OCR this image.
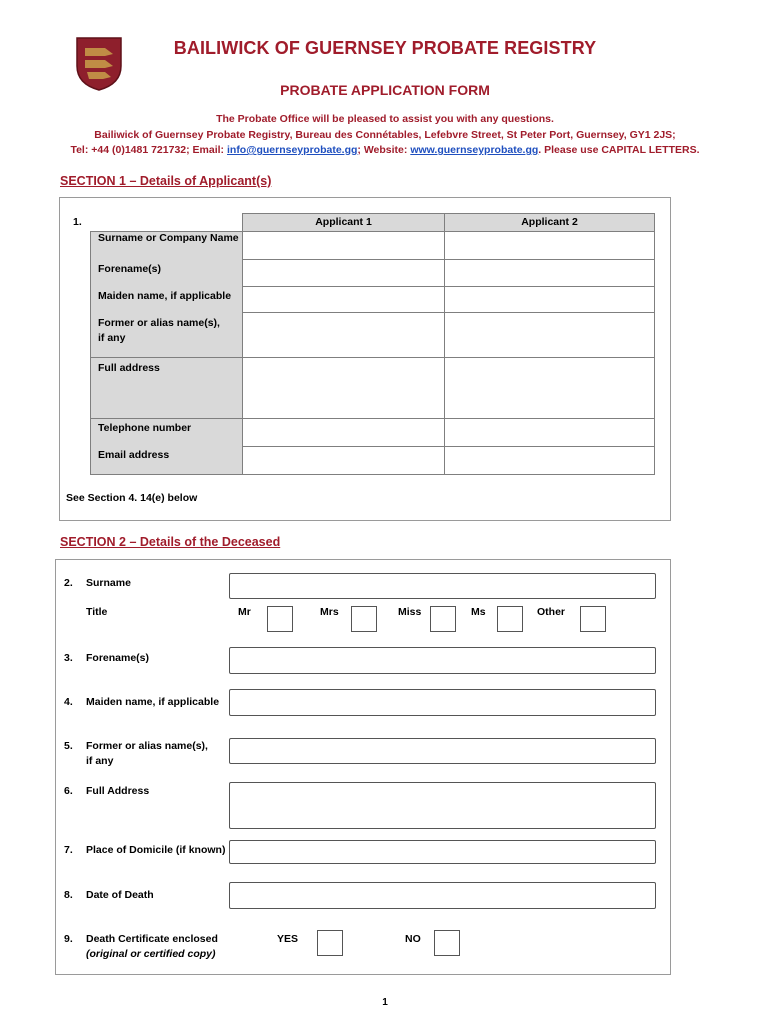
BAILIWICK OF GUERNSEY PROBATE REGISTRY
PROBATE APPLICATION FORM
The Probate Office will be pleased to assist you with any questions.
Bailiwick of Guernsey Probate Registry, Bureau des Connétables, Lefebvre Street, St Peter Port, Guernsey, GY1 2JS;
Tel: +44 (0)1481 721732; Email: info@guernseyprobate.gg; Website: www.guernseyprobate.gg. Please use CAPITAL LETTERS.
SECTION 1 – Details of Applicant(s)
1.	Applicant 1	Applicant 2
Surname or Company Name
Forename(s)
Maiden name, if applicable
Former or alias name(s),
if any
Full address
Telephone number
Email address
See Section 4. 14(e) below
SECTION 2 – Details of the Deceased
2. Surname
Title	Mr	Mrs	Miss	Ms	Other
3. Forename(s)
4. Maiden name, if applicable
5. Former or alias name(s),
if any
6. Full Address
7. Place of Domicile (if known)
8. Date of Death
9. Death Certificate enclosed
(original or certified copy)
YES	NO
1
